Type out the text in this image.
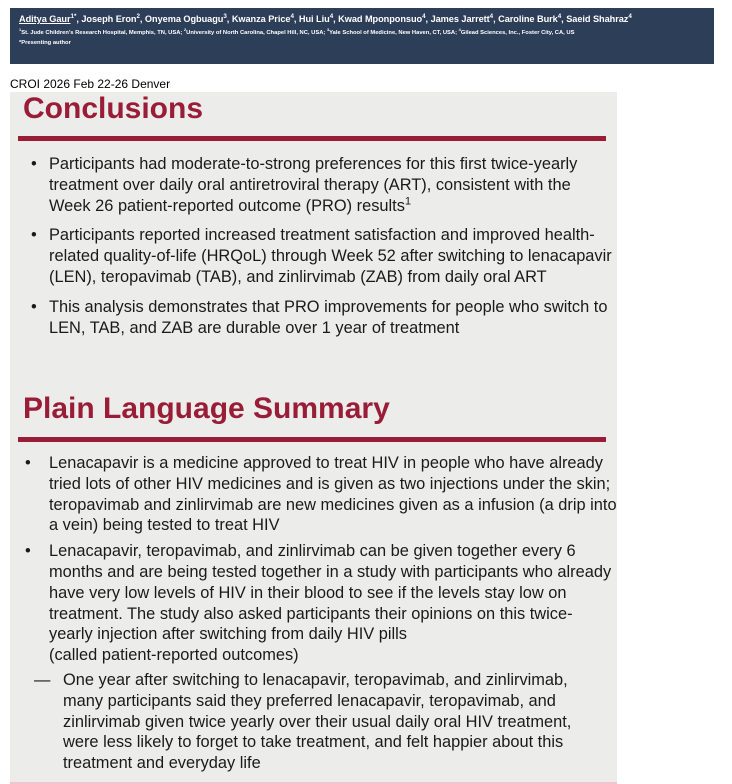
Aditya Gaur$^{1*}$, Joseph Eron$^2$, Onyema Ogbuagu$^3$, Kwanza Price$^4$, Hui Liu$^4$, Kwad Mponponsuo$^4$, James Jarrett$^4$, Caroline Burk$^4$, Saeid Shahraz$^4$
$^1$St. Jude Children's Research Hospital, Memphis, TN, USA; $^2$University of North Carolina, Chapel Hill, NC, USA; $^3$Yale School of Medicine, New Haven, CT, USA; $^4$Gilead Sciences, Inc., Foster City, CA, US
*Presenting author
CROI 2026 Feb 22-26 Denver
Conclusions
• Participants had moderate-to-strong preferences for this first twice-yearly treatment over daily oral antiretroviral therapy (ART), consistent with the Week 26 patient-reported outcome (PRO) results$^1$
• Participants reported increased treatment satisfaction and improved health-related quality-of-life (HRQoL) through Week 52 after switching to lenacapavir (LEN), teropavimab (TAB), and zinlirvimab (ZAB) from daily oral ART
• This analysis demonstrates that PRO improvements for people who switch to LEN, TAB, and ZAB are durable over 1 year of treatment
Plain Language Summary
• Lenacapavir is a medicine approved to treat HIV in people who have already tried lots of other HIV medicines and is given as two injections under the skin; teropavimab and zinlirvimab are new medicines given as a infusion (a drip into a vein) being tested to treat HIV
• Lenacapavir, teropavimab, and zinlirvimab can be given together every 6 months and are being tested together in a study with participants who already have very low levels of HIV in their blood to see if the levels stay low on treatment. The study also asked participants their opinions on this twice-yearly injection after switching from daily HIV pills
(called patient-reported outcomes)
— One year after switching to lenacapavir, teropavimab, and zinlirvimab, many participants said they preferred lenacapavir, teropavimab, and zinlirvimab given twice yearly over their usual daily oral HIV treatment, were less likely to forget to take treatment, and felt happier about this treatment and everyday life
